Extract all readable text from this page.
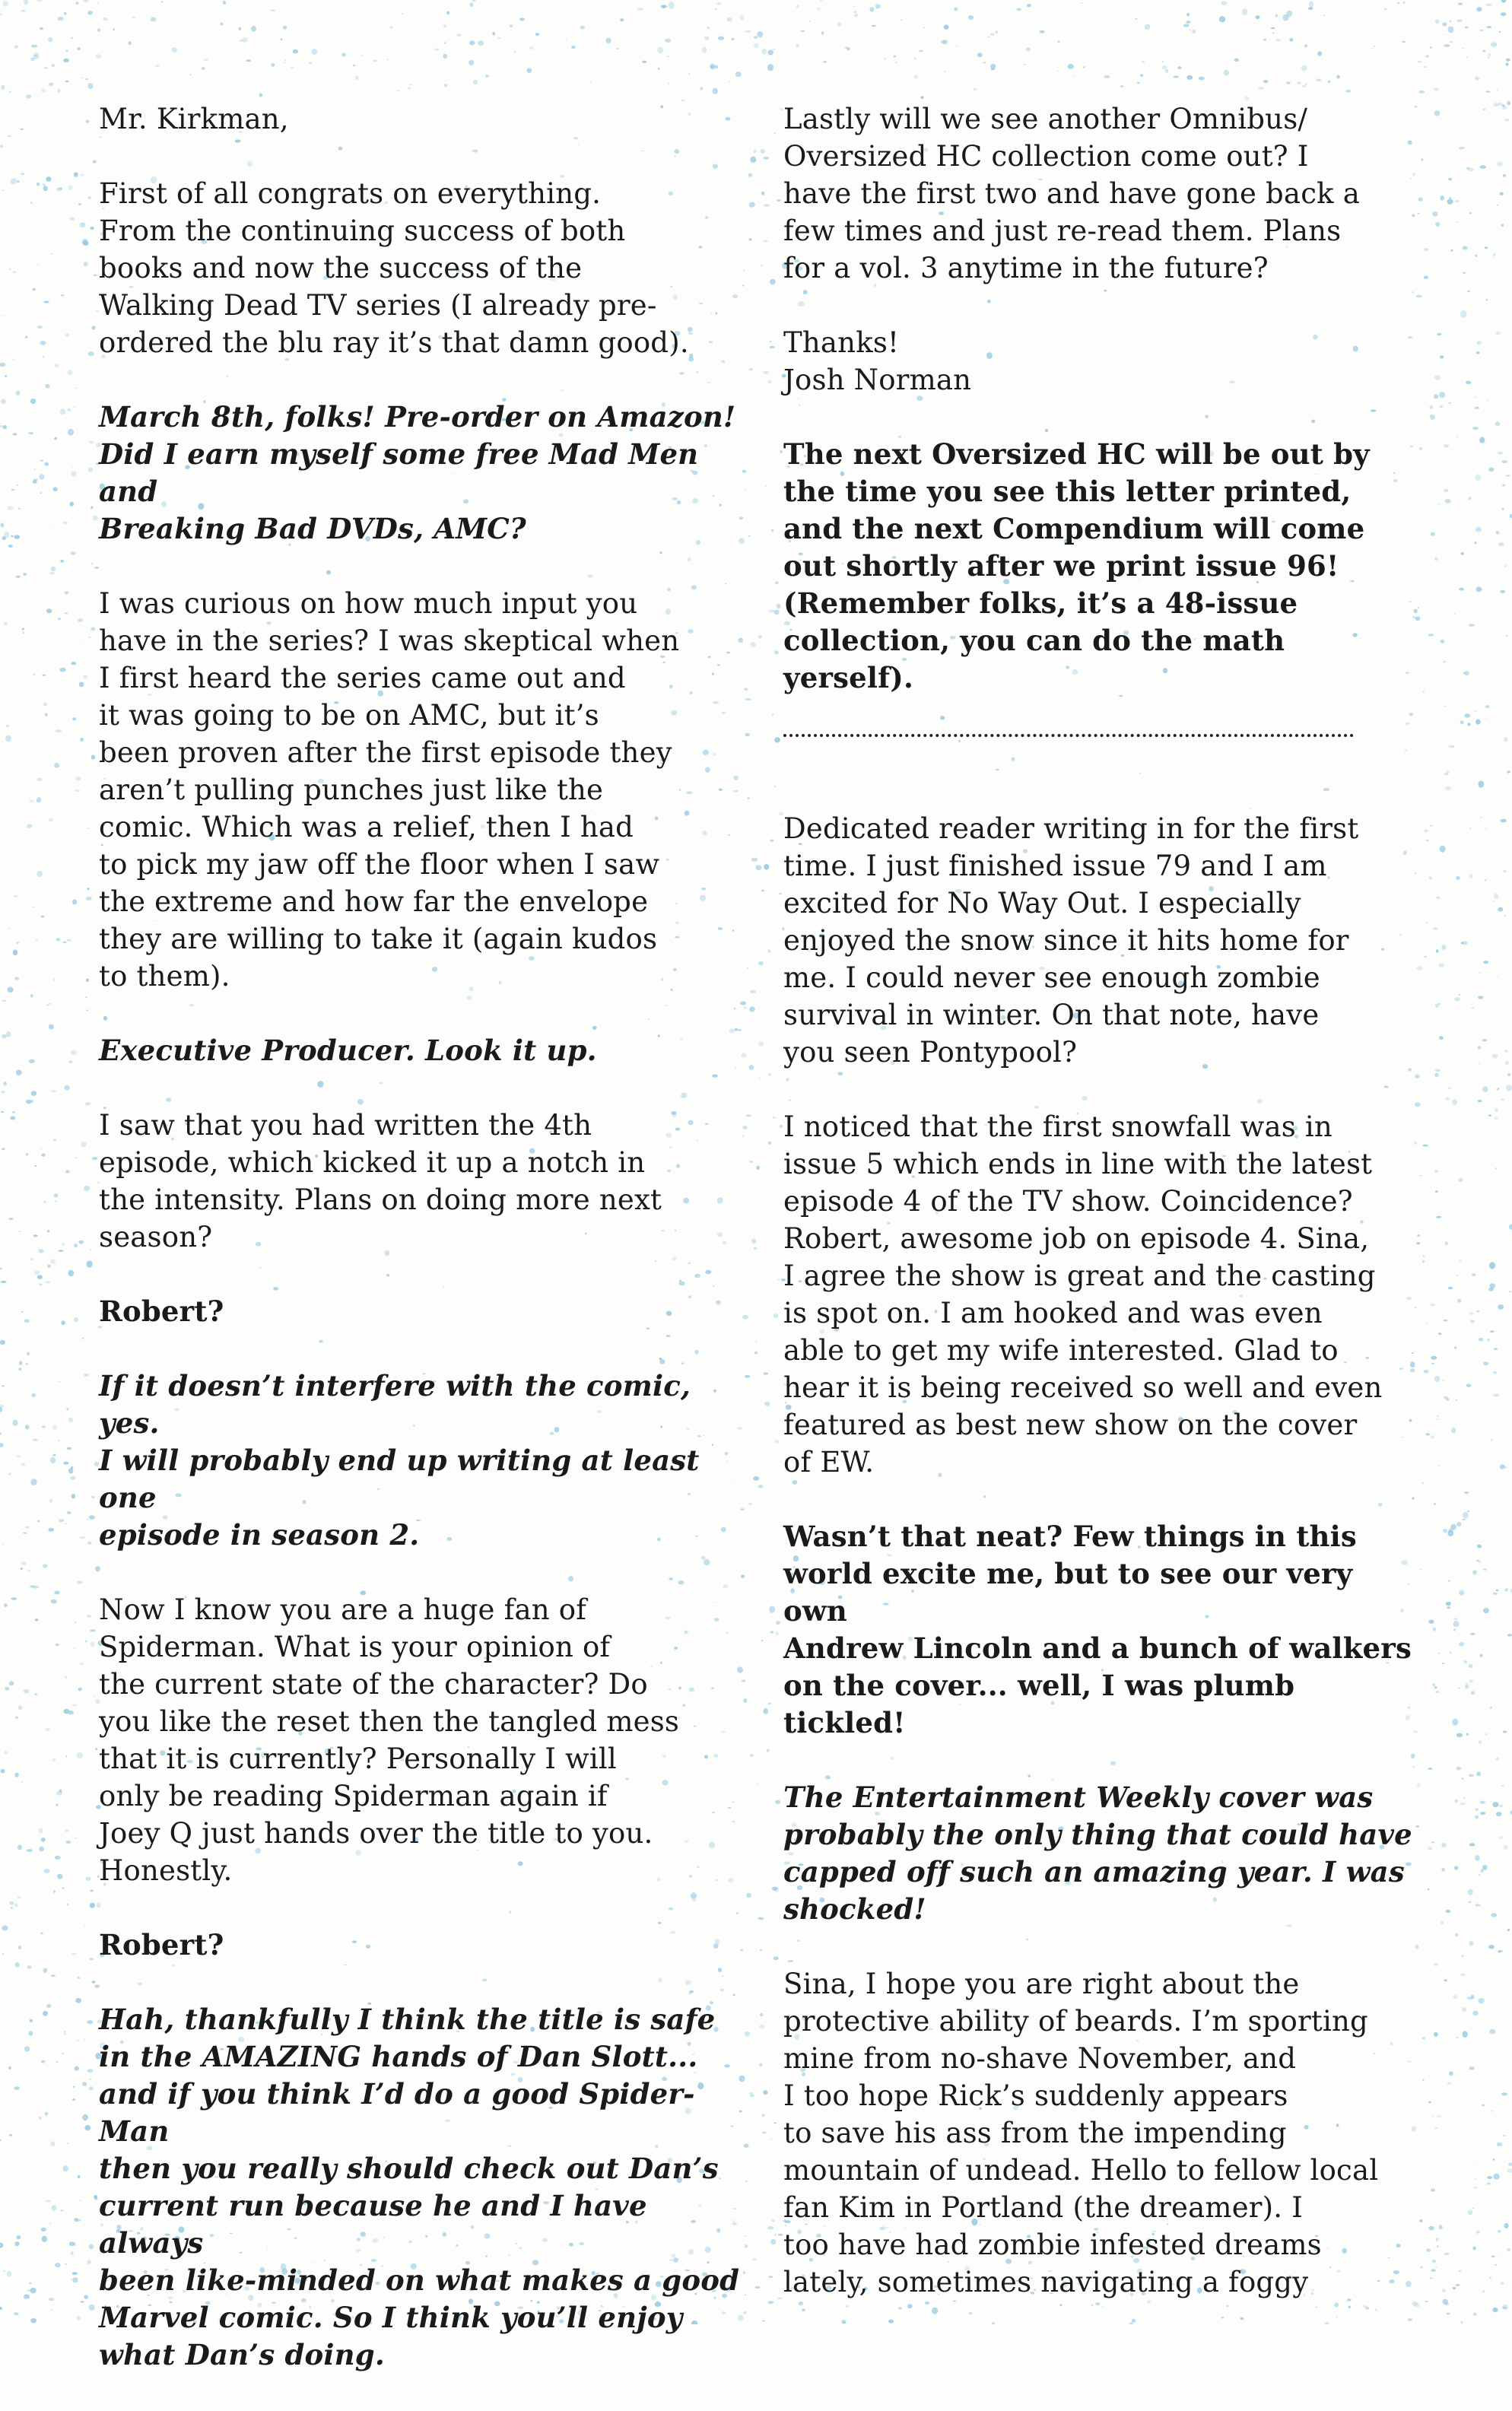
Mr. Kirkman,
First of all congrats on everything.
From the continuing success of both
books and now the success of the
Walking Dead TV series (I already pre-
ordered the blu ray it’s that damn good).
March 8th, folks! Pre-order on Amazon!
Did I earn myself some free Mad Men and
Breaking Bad DVDs, AMC?
I was curious on how much input you
have in the series? I was skeptical when
I first heard the series came out and
it was going to be on AMC, but it’s
been proven after the first episode they
aren’t pulling punches just like the
comic. Which was a relief, then I had
to pick my jaw off the floor when I saw
the extreme and how far the envelope
they are willing to take it (again kudos
to them).
Executive Producer. Look it up.
I saw that you had written the 4th
episode, which kicked it up a notch in
the intensity. Plans on doing more next
season?
Robert?
If it doesn’t interfere with the comic, yes.
I will probably end up writing at least one
episode in season 2.
Now I know you are a huge fan of
Spiderman. What is your opinion of
the current state of the character? Do
you like the reset then the tangled mess
that it is currently? Personally I will
only be reading Spiderman again if
Joey Q just hands over the title to you.
Honestly.
Robert?
Hah, thankfully I think the title is safe
in the AMAZING hands of Dan Slott...
and if you think I’d do a good Spider-Man
then you really should check out Dan’s
current run because he and I have always
been like-minded on what makes a good
Marvel comic. So I think you’ll enjoy
what Dan’s doing.
Lastly will we see another Omnibus/
Oversized HC collection come out? I
have the first two and have gone back a
few times and just re-read them. Plans
for a vol. 3 anytime in the future?
Thanks!
Josh Norman
The next Oversized HC will be out by
the time you see this letter printed,
and the next Compendium will come
out shortly after we print issue 96!
(Remember folks, it’s a 48-issue
collection, you can do the math yerself).
Dedicated reader writing in for the first
time. I just finished issue 79 and I am
excited for No Way Out. I especially
enjoyed the snow since it hits home for
me. I could never see enough zombie
survival in winter. On that note, have
you seen Pontypool?
I noticed that the first snowfall was in
issue 5 which ends in line with the latest
episode 4 of the TV show. Coincidence?
Robert, awesome job on episode 4. Sina,
I agree the show is great and the casting
is spot on. I am hooked and was even
able to get my wife interested. Glad to
hear it is being received so well and even
featured as best new show on the cover
of EW.
Wasn’t that neat? Few things in this
world excite me, but to see our very own
Andrew Lincoln and a bunch of walkers
on the cover... well, I was plumb tickled!
The Entertainment Weekly cover was
probably the only thing that could have
capped off such an amazing year. I was
shocked!
Sina, I hope you are right about the
protective ability of beards. I’m sporting
mine from no-shave November, and
I too hope Rick’s suddenly appears
to save his ass from the impending
mountain of undead. Hello to fellow local
fan Kim in Portland (the dreamer). I
too have had zombie infested dreams
lately, sometimes navigating a foggy
